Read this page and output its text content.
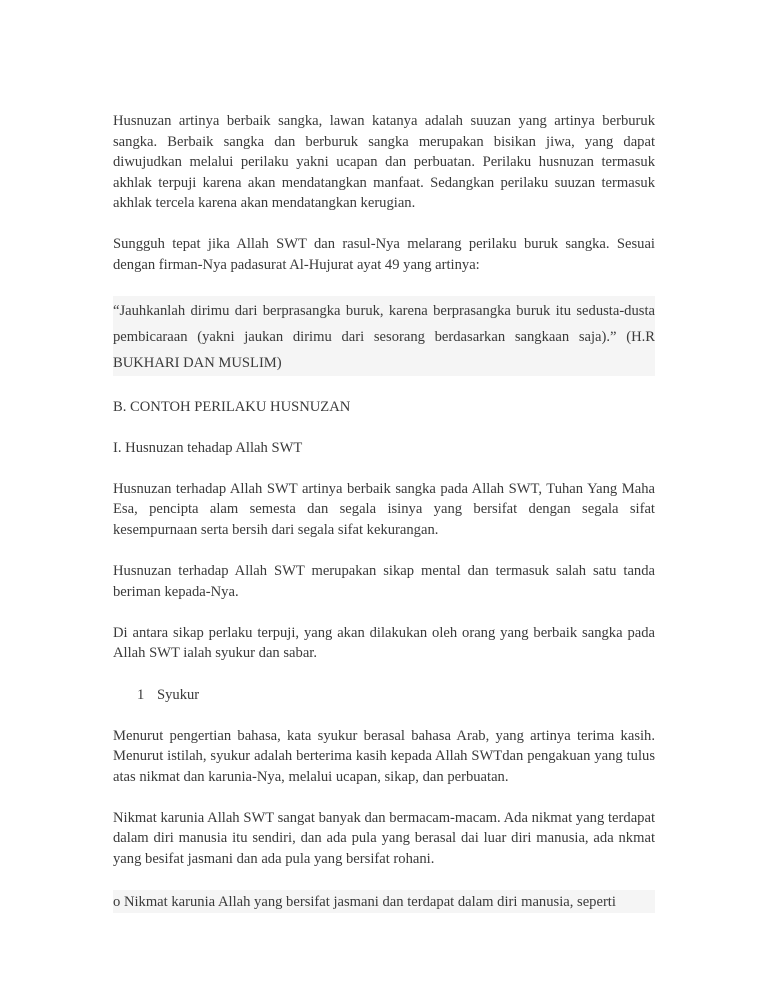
Husnuzan artinya berbaik sangka, lawan katanya adalah suuzan yang artinya berburuk sangka. Berbaik sangka dan berburuk sangka merupakan bisikan jiwa, yang dapat diwujudkan melalui perilaku yakni ucapan dan perbuatan. Perilaku husnuzan termasuk akhlak terpuji karena akan mendatangkan manfaat. Sedangkan perilaku suuzan termasuk akhlak tercela karena akan mendatangkan kerugian.

Sungguh tepat jika Allah SWT dan rasul-Nya melarang perilaku buruk sangka. Sesuai dengan firman-Nya padasurat Al-Hujurat ayat 49 yang artinya:

“Jauhkanlah dirimu dari berprasangka buruk, karena berprasangka buruk itu sedusta-dusta pembicaraan (yakni jaukan dirimu dari sesorang berdasarkan sangkaan saja).” (H.R BUKHARI DAN MUSLIM)

B. CONTOH PERILAKU HUSNUZAN

I. Husnuzan tehadap Allah SWT

Husnuzan terhadap Allah SWT artinya berbaik sangka pada Allah SWT, Tuhan Yang Maha Esa, pencipta alam semesta dan segala isinya yang bersifat dengan segala sifat kesempurnaan serta bersih dari segala sifat kekurangan.

Husnuzan terhadap Allah SWT merupakan sikap mental dan termasuk salah satu tanda beriman kepada-Nya.

Di antara sikap perlaku terpuji, yang akan dilakukan oleh orang yang berbaik sangka pada Allah SWT ialah syukur dan sabar.

1 Syukur

Menurut pengertian bahasa, kata syukur berasal bahasa Arab, yang artinya terima kasih. Menurut istilah, syukur adalah berterima kasih kepada Allah SWTdan pengakuan yang tulus atas nikmat dan karunia-Nya, melalui ucapan, sikap, dan perbuatan.

Nikmat karunia Allah SWT sangat banyak dan bermacam-macam. Ada nikmat yang terdapat dalam diri manusia itu sendiri, dan ada pula yang berasal dai luar diri manusia, ada nkmat yang besifat jasmani dan ada pula yang bersifat rohani.

o Nikmat karunia Allah yang bersifat jasmani dan terdapat dalam diri manusia, seperti
